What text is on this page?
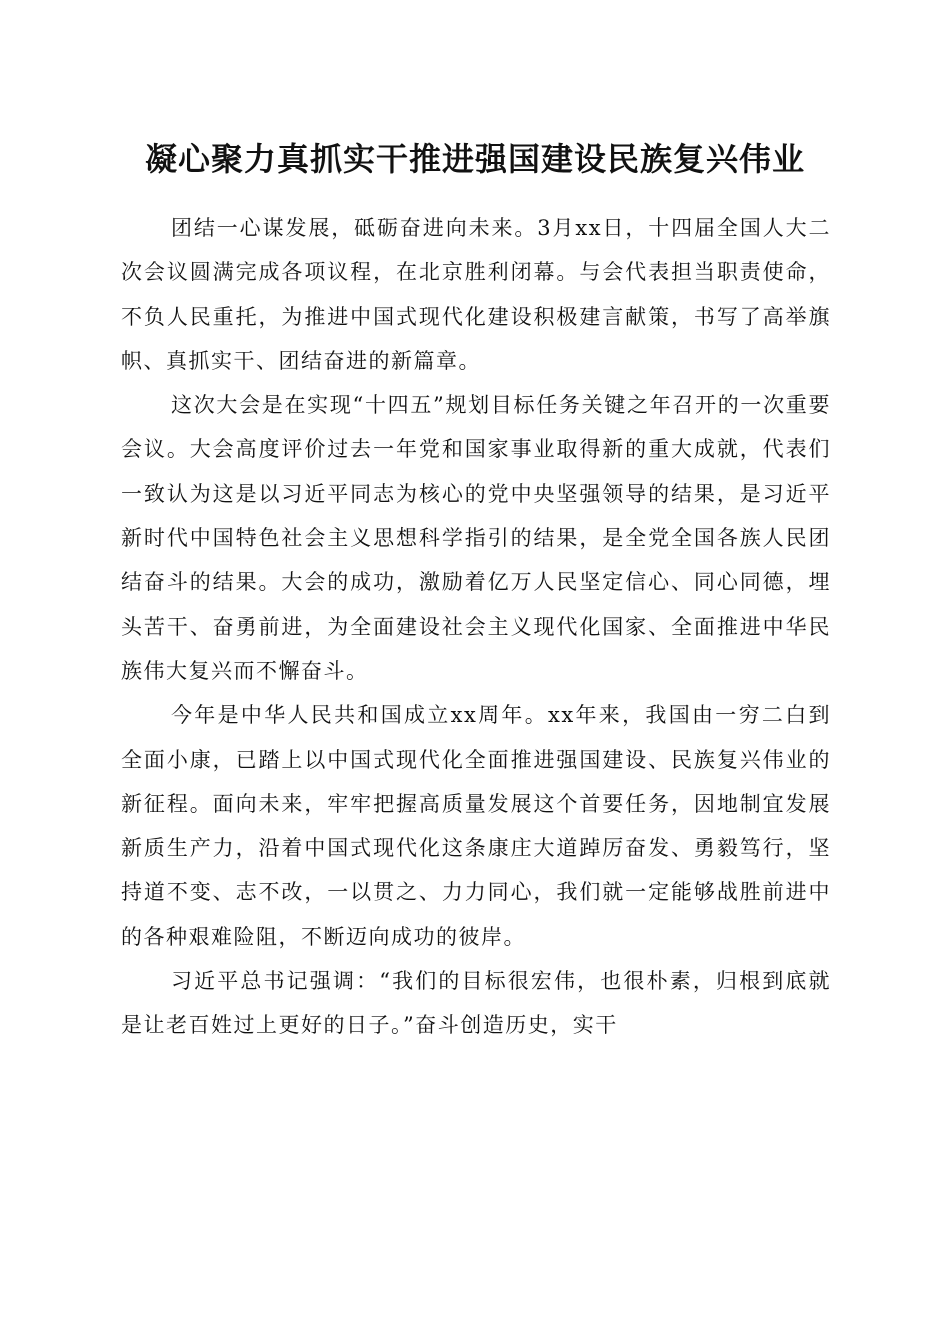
凝心聚力真抓实干推进强国建设民族复兴伟业

团结一心谋发展，砥砺奋进向未来。3月xx日，十四届全国人大二次会议圆满完成各项议程，在北京胜利闭幕。与会代表担当职责使命，不负人民重托，为推进中国式现代化建设积极建言献策，书写了高举旗帜、真抓实干、团结奋进的新篇章。

这次大会是在实现“十四五”规划目标任务关键之年召开的一次重要会议。大会高度评价过去一年党和国家事业取得新的重大成就，代表们一致认为这是以习近平同志为核心的党中央坚强领导的结果，是习近平新时代中国特色社会主义思想科学指引的结果，是全党全国各族人民团结奋斗的结果。大会的成功，激励着亿万人民坚定信心、同心同德，埋头苦干、奋勇前进，为全面建设社会主义现代化国家、全面推进中华民族伟大复兴而不懈奋斗。

今年是中华人民共和国成立xx周年。xx年来，我国由一穷二白到全面小康，已踏上以中国式现代化全面推进强国建设、民族复兴伟业的新征程。面向未来，牢牢把握高质量发展这个首要任务，因地制宜发展新质生产力，沿着中国式现代化这条康庄大道踔厉奋发、勇毅笃行，坚持道不变、志不改，一以贯之、力力同心，我们就一定能够战胜前进中的各种艰难险阻，不断迈向成功的彼岸。

习近平总书记强调：“我们的目标很宏伟，也很朴素，归根到底就是让老百姓过上更好的日子。”奋斗创造历史，实干
